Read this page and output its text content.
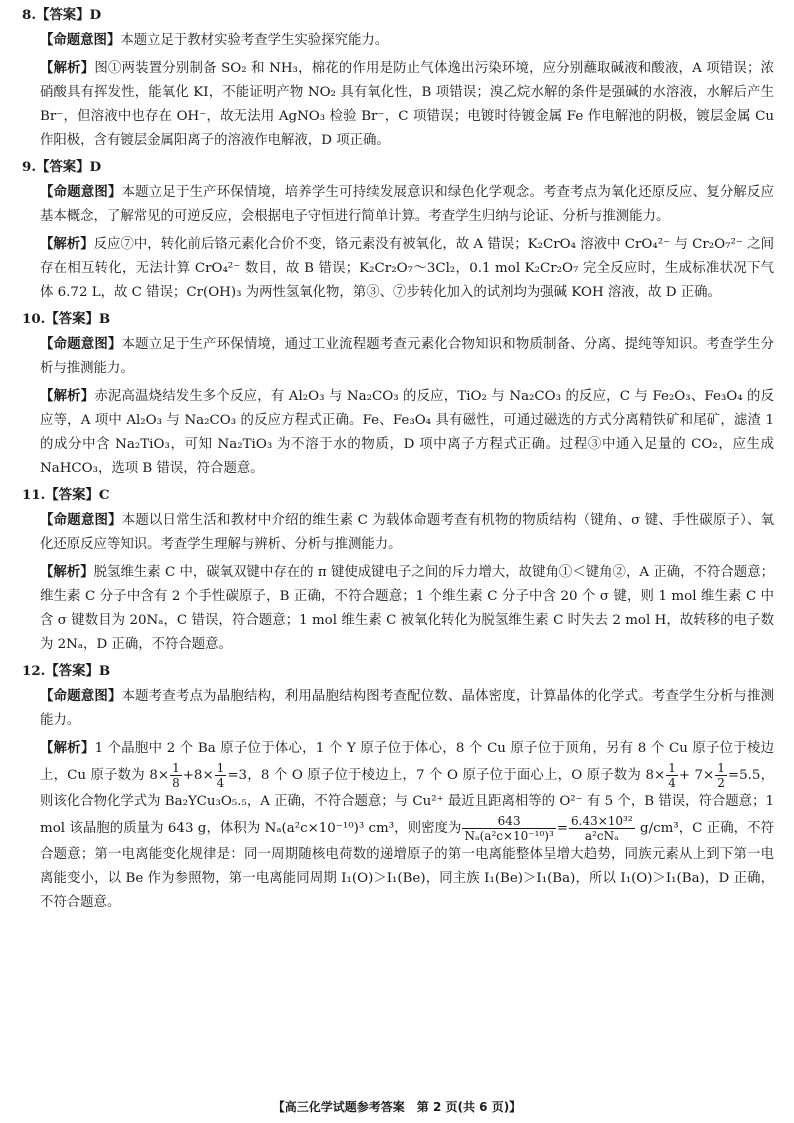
8.【答案】D

【命题意图】本题立足于教材实验考查学生实验探究能力。

【解析】图①两装置分别制备 SO₂ 和 NH₃，棉花的作用是防止气体逸出污染环境，应分别蘸取碱液和酸液，A 项错误；浓硝酸具有挥发性，能氧化 KI，不能证明产物 NO₂ 具有氧化性，B 项错误；溴乙烷水解的条件是强碱的水溶液，水解后产生 Br⁻，但溶液中也存在 OH⁻，故无法用 AgNO₃ 检验 Br⁻，C 项错误；电镀时待镀金属 Fe 作电解池的阴极，镀层金属 Cu 作阳极，含有镀层金属阳离子的溶液作电解液，D 项正确。

9.【答案】D

【命题意图】本题立足于生产环保情境，培养学生可持续发展意识和绿色化学观念。考查考点为氧化还原反应、复分解反应基本概念，了解常见的可逆反应，会根据电子守恒进行简单计算。考查学生归纳与论证、分析与推测能力。

【解析】反应⑦中，转化前后铬元素化合价不变，铬元素没有被氧化，故 A 错误；K₂CrO₄ 溶液中 CrO₄²⁻ 与 Cr₂O₇²⁻ 之间存在相互转化，无法计算 CrO₄²⁻ 数目，故 B 错误；K₂Cr₂O₇～3Cl₂，0.1 mol K₂Cr₂O₇ 完全反应时，生成标准状况下气体 6.72 L，故 C 错误；Cr(OH)₃ 为两性氢氧化物，第③、⑦步转化加入的试剂均为强碱 KOH 溶液，故 D 正确。

10.【答案】B

【命题意图】本题立足于生产环保情境，通过工业流程题考查元素化合物知识和物质制备、分离、提纯等知识。考查学生分析与推测能力。

【解析】赤泥高温烧结发生多个反应，有 Al₂O₃ 与 Na₂CO₃ 的反应，TiO₂ 与 Na₂CO₃ 的反应，C 与 Fe₂O₃、Fe₃O₄ 的反应等，A 项中 Al₂O₃ 与 Na₂CO₃ 的反应方程式正确。Fe、Fe₃O₄ 具有磁性，可通过磁选的方式分离精铁矿和尾矿，滤渣 1 的成分中含 Na₂TiO₃，可知 Na₂TiO₃ 为不溶于水的物质，D 项中离子方程式正确。过程③中通入足量的 CO₂，应生成 NaHCO₃，选项 B 错误，符合题意。

11.【答案】C

【命题意图】本题以日常生活和教材中介绍的维生素 C 为载体命题考查有机物的物质结构（键角、σ 键、手性碳原子）、氧化还原反应等知识。考查学生理解与辨析、分析与推测能力。

【解析】脱氢维生素 C 中，碳氧双键中存在的 π 键使成键电子之间的斥力增大，故键角①＜键角②，A 正确，不符合题意；维生素 C 分子中含有 2 个手性碳原子，B 正确，不符合题意；1 个维生素 C 分子中含 20 个 σ 键，则 1 mol 维生素 C 中含 σ 键数目为 20Nₐ，C 错误，符合题意；1 mol 维生素 C 被氧化转化为脱氢维生素 C 时失去 2 mol H，故转移的电子数为 2Nₐ，D 正确，不符合题意。

12.【答案】B

【命题意图】本题考查考点为晶胞结构，利用晶胞结构图考查配位数、晶体密度，计算晶体的化学式。考查学生分析与推测能力。

【解析】1 个晶胞中 2 个 Ba 原子位于体心，1 个 Y 原子位于体心，8 个 Cu 原子位于顶角，另有 8 个 Cu 原子位于棱边上，Cu 原子数为 $8\times \frac{1}{8} +8\times \frac{1}{4} =3$，8 个 O 原子位于棱边上，7 个 O 原子位于面心上，O 原子数为 $8\times \frac{1}{4} + 7\times \frac{1}{2} =5.5$，则该化合物化学式为 Ba₂YCu₃O₅.₅，A 正确，不符合题意；与 Cu²⁺ 最近且距离相等的 O²⁻ 有 5 个，B 错误，符合题意；1 mol 该晶胞的质量为 643 g，体积为 Nₐ(a²c×10⁻¹⁰)³ cm³，则密度为 $\frac{643}{\text{Nₐ(a²c×10⁻¹⁰)³}} = \frac{\text{6.43×10³²}}{\text{a²cNₐ}} g/cm^3$，C 正确，不符合题意；第一电离能变化规律是：同一周期随核电荷数的递增原子的第一电离能整体呈增大趋势，同族元素从上到下第一电离能变小，以 Be 作为参照物，第一电离能同周期 I₁(O)＞I₁(Be)，同主族 I₁(Be)＞I₁(Ba)，所以 I₁(O)＞I₁(Ba)，D 正确，不符合题意。

【高三化学试题参考答案　第 2 页(共 6 页)】
